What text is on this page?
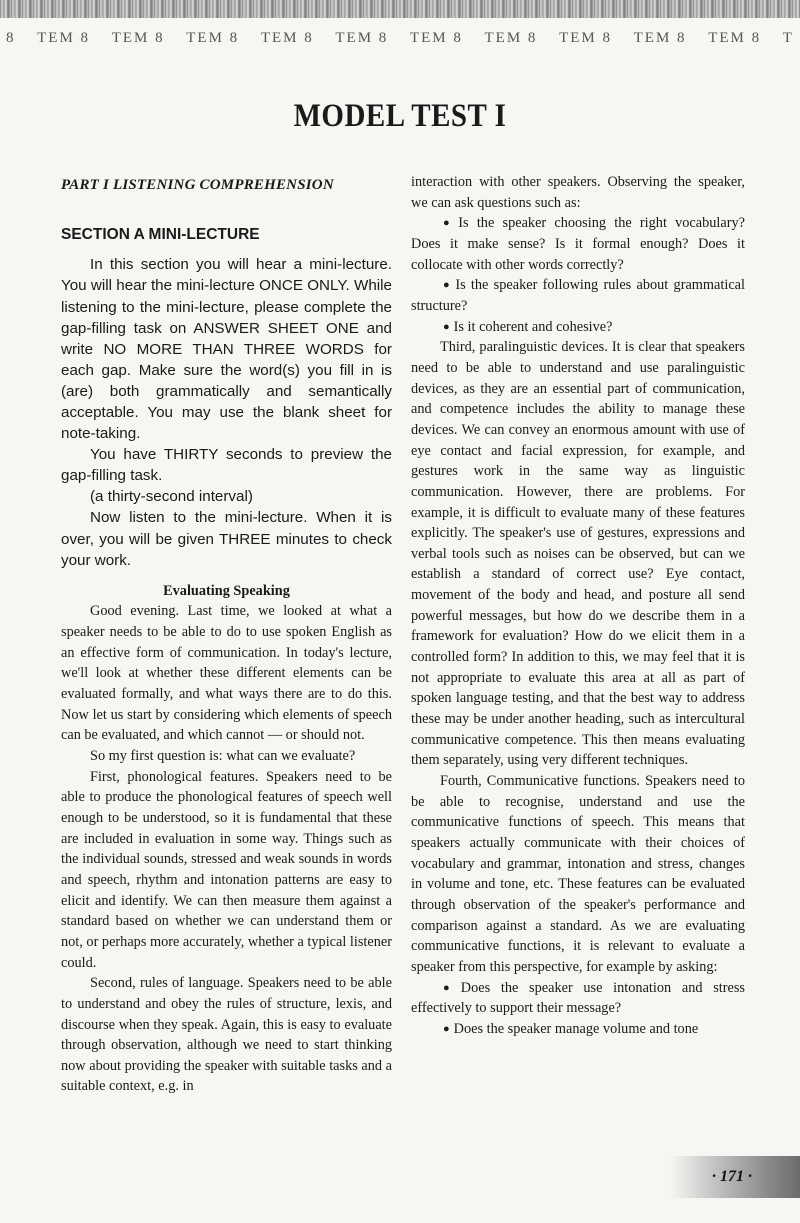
8 TEM 8 TEM 8 TEM 8 TEM 8 TEM 8 TEM 8 TEM 8 TEM 8 TEM 8 TEM 8 T
MODEL TEST I

PART I LISTENING COMPREHENSION

SECTION A MINI-LECTURE

In this section you will hear a mini-lecture. You will hear the mini-lecture ONCE ONLY. While listening to the mini-lecture, please complete the gap-filling task on ANSWER SHEET ONE and write NO MORE THAN THREE WORDS for each gap. Make sure the word(s) you fill in is (are) both grammatically and semantically acceptable. You may use the blank sheet for note-taking.

You have THIRTY seconds to preview the gap-filling task.

(a thirty-second interval)

Now listen to the mini-lecture. When it is over, you will be given THREE minutes to check your work.

Evaluating Speaking

Good evening. Last time, we looked at what a speaker needs to be able to do to use spoken English as an effective form of communication. In today's lecture, we'll look at whether these different elements can be evaluated formally, and what ways there are to do this. Now let us start by considering which elements of speech can be evaluated, and which cannot — or should not.

So my first question is: what can we evaluate?

First, phonological features. Speakers need to be able to produce the phonological features of speech well enough to be understood, so it is fundamental that these are included in evaluation in some way. Things such as the individual sounds, stressed and weak sounds in words and speech, rhythm and intonation patterns are easy to elicit and identify. We can then measure them against a standard based on whether we can understand them or not, or perhaps more accurately, whether a typical listener could.

Second, rules of language. Speakers need to be able to understand and obey the rules of structure, lexis, and discourse when they speak. Again, this is easy to evaluate through observation, although we need to start thinking now about providing the speaker with suitable tasks and a suitable context, e.g. in

interaction with other speakers. Observing the speaker, we can ask questions such as:

● Is the speaker choosing the right vocabulary? Does it make sense? Is it formal enough? Does it collocate with other words correctly?

● Is the speaker following rules about grammatical structure?

● Is it coherent and cohesive?

Third, paralinguistic devices. It is clear that speakers need to be able to understand and use paralinguistic devices, as they are an essential part of communication, and competence includes the ability to manage these devices. We can convey an enormous amount with use of eye contact and facial expression, for example, and gestures work in the same way as linguistic communication. However, there are problems. For example, it is difficult to evaluate many of these features explicitly. The speaker's use of gestures, expressions and verbal tools such as noises can be observed, but can we establish a standard of correct use? Eye contact, movement of the body and head, and posture all send powerful messages, but how do we describe them in a framework for evaluation? How do we elicit them in a controlled form? In addition to this, we may feel that it is not appropriate to evaluate this area at all as part of spoken language testing, and that the best way to address these may be under another heading, such as intercultural communicative competence. This then means evaluating them separately, using very different techniques.

Fourth, Communicative functions. Speakers need to be able to recognise, understand and use the communicative functions of speech. This means that speakers actually communicate with their choices of vocabulary and grammar, intonation and stress, changes in volume and tone, etc. These features can be evaluated through observation of the speaker's performance and comparison against a standard. As we are evaluating communicative functions, it is relevant to evaluate a speaker from this perspective, for example by asking:

● Does the speaker use intonation and stress effectively to support their message?

● Does the speaker manage volume and tone

· 171 ·
